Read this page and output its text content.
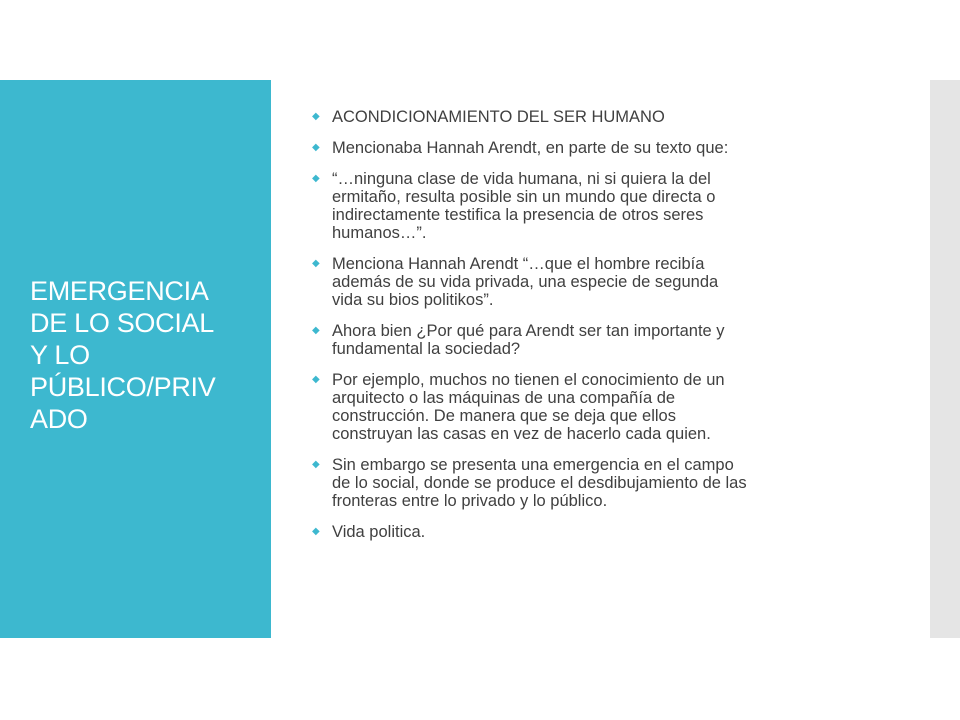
EMERGENCIA
DE LO SOCIAL
Y LO
PÚBLICO/PRIV
ADO
◆ ACONDICIONAMIENTO DEL SER HUMANO
◆ Mencionaba Hannah Arendt, en parte de su texto que:
◆ “…ninguna clase de vida humana, ni si quiera la del
ermitaño, resulta posible sin un mundo que directa o
indirectamente testifica la presencia de otros seres
humanos…”.
◆ Menciona Hannah Arendt “…que el hombre recibía
además de su vida privada, una especie de segunda
vida su bios politikos”.
◆ Ahora bien ¿Por qué para Arendt ser tan importante y
fundamental la sociedad?
◆ Por ejemplo, muchos no tienen el conocimiento de un
arquitecto o las máquinas de una compañía de
construcción. De manera que se deja que ellos
construyan las casas en vez de hacerlo cada quien.
◆ Sin embargo se presenta una emergencia en el campo
de lo social, donde se produce el desdibujamiento de las
fronteras entre lo privado y lo público.
◆ Vida politica.
